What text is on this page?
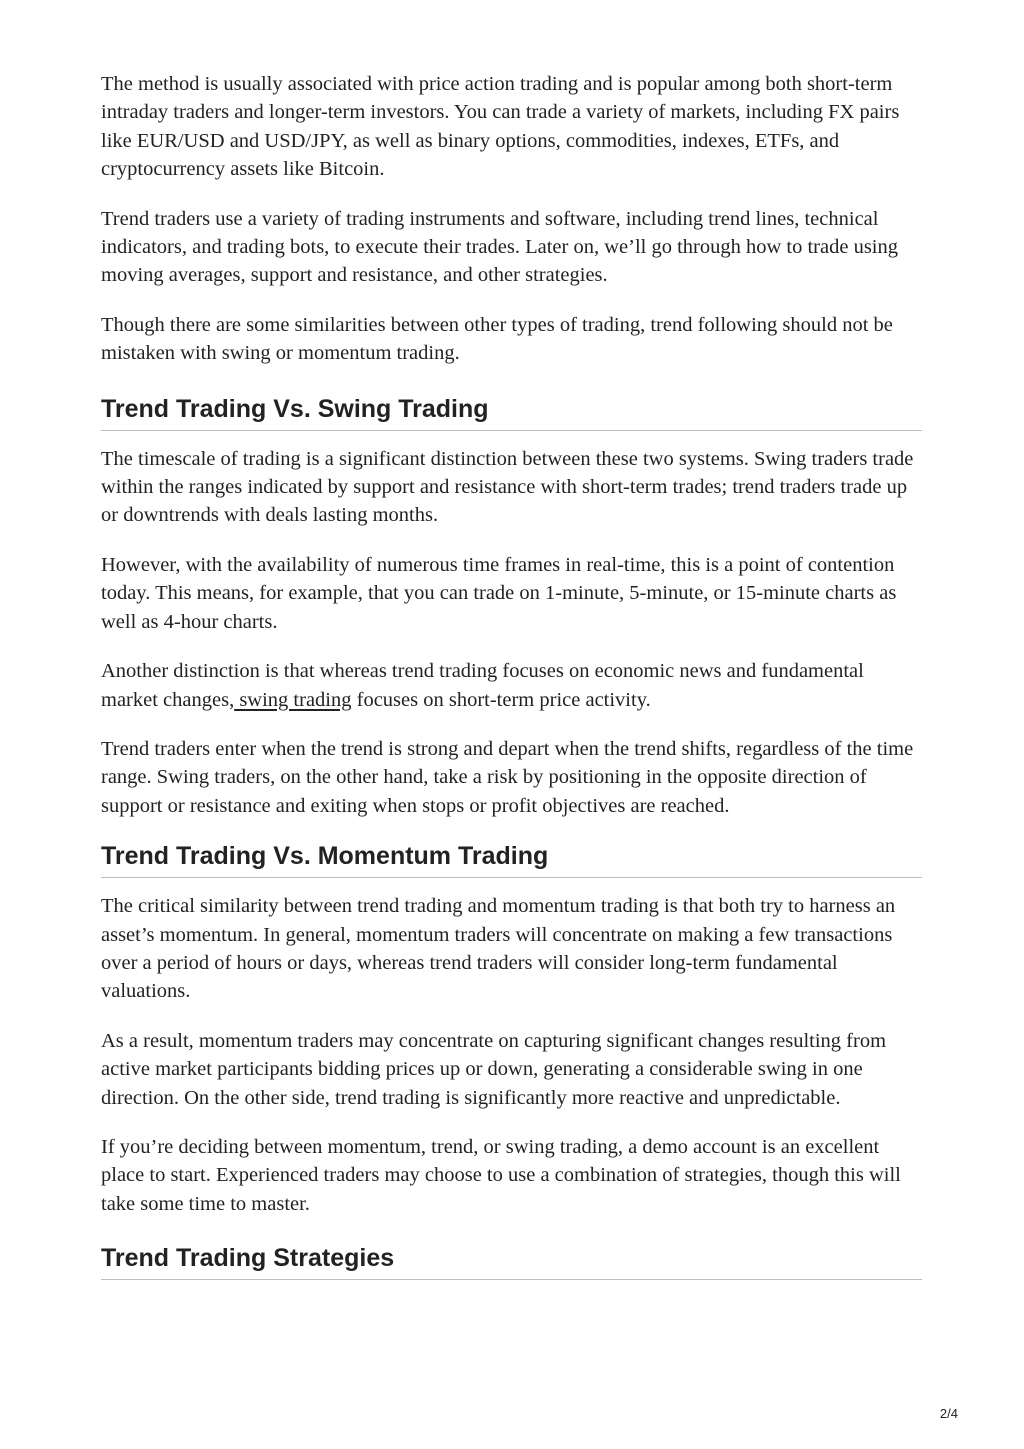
The method is usually associated with price action trading and is popular among both short-term intraday traders and longer-term investors. You can trade a variety of markets, including FX pairs like EUR/USD and USD/JPY, as well as binary options, commodities, indexes, ETFs, and cryptocurrency assets like Bitcoin.

Trend traders use a variety of trading instruments and software, including trend lines, technical indicators, and trading bots, to execute their trades. Later on, we’ll go through how to trade using moving averages, support and resistance, and other strategies.

Though there are some similarities between other types of trading, trend following should not be mistaken with swing or momentum trading.

Trend Trading Vs. Swing Trading

The timescale of trading is a significant distinction between these two systems. Swing traders trade within the ranges indicated by support and resistance with short-term trades; trend traders trade up or downtrends with deals lasting months.

However, with the availability of numerous time frames in real-time, this is a point of contention today. This means, for example, that you can trade on 1-minute, 5-minute, or 15-minute charts as well as 4-hour charts.

Another distinction is that whereas trend trading focuses on economic news and fundamental market changes, swing trading focuses on short-term price activity.

Trend traders enter when the trend is strong and depart when the trend shifts, regardless of the time range. Swing traders, on the other hand, take a risk by positioning in the opposite direction of support or resistance and exiting when stops or profit objectives are reached.

Trend Trading Vs. Momentum Trading

The critical similarity between trend trading and momentum trading is that both try to harness an asset’s momentum. In general, momentum traders will concentrate on making a few transactions over a period of hours or days, whereas trend traders will consider long-term fundamental valuations.

As a result, momentum traders may concentrate on capturing significant changes resulting from active market participants bidding prices up or down, generating a considerable swing in one direction. On the other side, trend trading is significantly more reactive and unpredictable.

If you’re deciding between momentum, trend, or swing trading, a demo account is an excellent place to start. Experienced traders may choose to use a combination of strategies, though this will take some time to master.

Trend Trading Strategies
2/4
